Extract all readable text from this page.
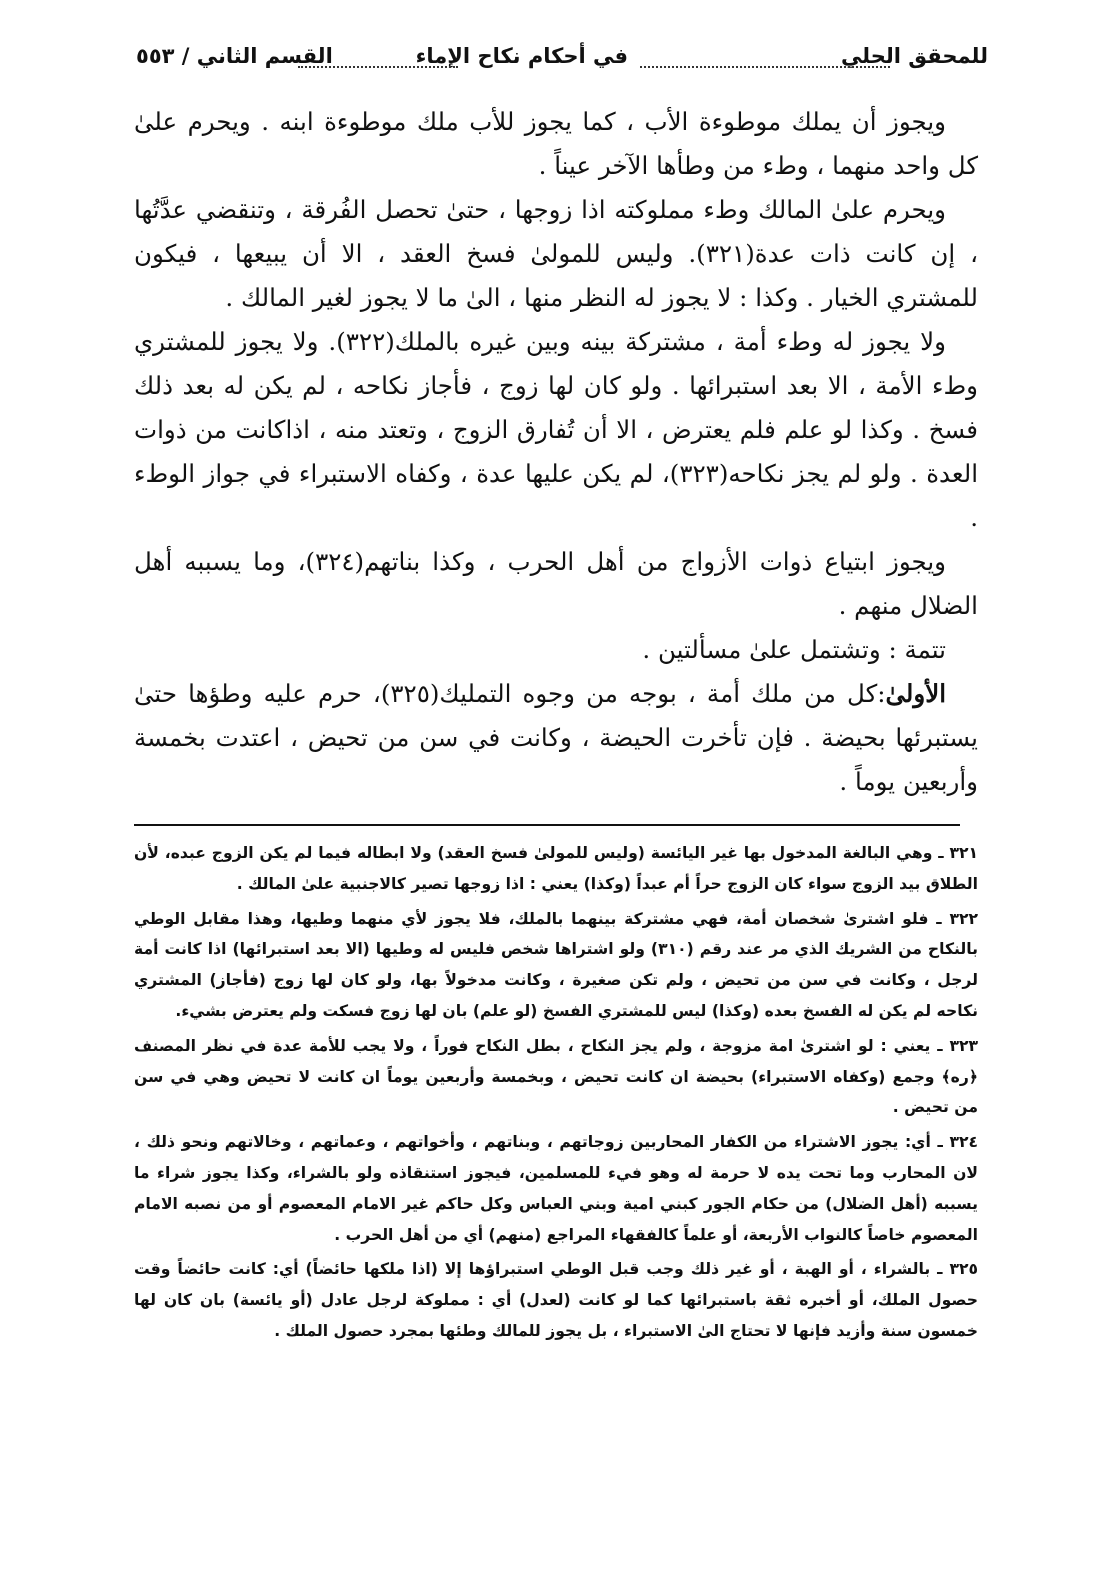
للمحقق الحلي
في أحكام نكاح الإماء
القسم الثاني / ٥٥٣

ويجوز أن يملك موطوءة الأب ، كما يجوز للأب ملك موطوءة ابنه . ويحرم علىٰ كل واحد منهما ، وطء من وطأها الآخر عيناً .

ويحرم علىٰ المالك وطء مملوكته اذا زوجها ، حتىٰ تحصل الفُرقة ، وتنقضي عدَّتُها ، إن كانت ذات عدة(٣٢١). وليس للمولىٰ فسخ العقد ، الا أن يبيعها ، فيكون للمشتري الخيار . وكذا : لا يجوز له النظر منها ، الىٰ ما لا يجوز لغير المالك .

ولا يجوز له وطء أمة ، مشتركة بينه وبين غيره بالملك(٣٢٢). ولا يجوز للمشتري وطء الأمة ، الا بعد استبرائها . ولو كان لها زوج ، فأجاز نكاحه ، لم يكن له بعد ذلك فسخ . وكذا لو علم فلم يعترض ، الا أن تُفارق الزوج ، وتعتد منه ، اذاكانت من ذوات العدة . ولو لم يجز نكاحه(٣٢٣)، لم يكن عليها عدة ، وكفاه الاستبراء في جواز الوطء .

ويجوز ابتياع ذوات الأزواج من أهل الحرب ، وكذا بناتهم(٣٢٤)، وما يسببه أهل الضلال منهم .

تتمة : وتشتمل علىٰ مسألتين .

الأولىٰ:كل من ملك أمة ، بوجه من وجوه التمليك(٣٢٥)، حرم عليه وطؤها حتىٰ يستبرئها بحيضة . فإن تأخرت الحيضة ، وكانت في سن من تحيض ، اعتدت بخمسة وأربعين يوماً .

٣٢١ ـ وهي البالغة المدخول بها غير اليائسة (وليس للمولىٰ فسخ العقد) ولا ابطاله فيما لم يكن الزوج عبده، لأن الطلاق بيد الزوج سواء كان الزوج حراً أم عبداً (وكذا) يعني : اذا زوجها تصير كالاجنبية علىٰ المالك .

٣٢٢ ـ فلو اشترىٰ شخصان أمة، فهي مشتركة بينهما بالملك، فلا يجوز لأي منهما وطيها، وهذا مقابل الوطي بالنكاح من الشريك الذي مر عند رقم (٣١٠) ولو اشتراها شخص فليس له وطيها (الا بعد استبرائها) اذا كانت أمة لرجل ، وكانت في سن من تحيض ، ولم تكن صغيرة ، وكانت مدخولاً بها، ولو كان لها زوج (فأجاز) المشتري نكاحه لم يكن له الفسخ بعده (وكذا) ليس للمشتري الفسخ (لو علم) بان لها زوج فسكت ولم يعترض بشيء.

٣٢٣ ـ يعني : لو اشترىٰ امة مزوجة ، ولم يجز النكاح ، بطل النكاح فوراً ، ولا يجب للأمة عدة في نظر المصنف ﴿ره﴾ وجمع (وكفاه الاستبراء) بحيضة ان كانت تحيض ، وبخمسة وأربعين يوماً ان كانت لا تحيض وهي في سن من تحيض .

٣٢٤ ـ أي: يجوز الاشتراء من الكفار المحاربين زوجاتهم ، وبناتهم ، وأخواتهم ، وعماتهم ، وخالاتهم ونحو ذلك ، لان المحارب وما تحت يده لا حرمة له وهو فيء للمسلمين، فيجوز استنقاذه ولو بالشراء، وكذا يجوز شراء ما يسببه (أهل الضلال) من حكام الجور كبني امية وبني العباس وكل حاكم غير الامام المعصوم أو من نصبه الامام المعصوم خاصاً كالنواب الأربعة، أو علماً كالفقهاء المراجع (منهم) أي من أهل الحرب .

٣٢٥ ـ بالشراء ، أو الهبة ، أو غير ذلك وجب قبل الوطي استبراؤها إلا (اذا ملكها حائضاً) أي: كانت حائضاً وقت حصول الملك، أو أخبره ثقة باستبرائها كما لو كانت (لعدل) أي : مملوكة لرجل عادل (أو يائسة) بان كان لها خمسون سنة وأزيد فإنها لا تحتاج الىٰ الاستبراء ، بل يجوز للمالك وطئها بمجرد حصول الملك .
